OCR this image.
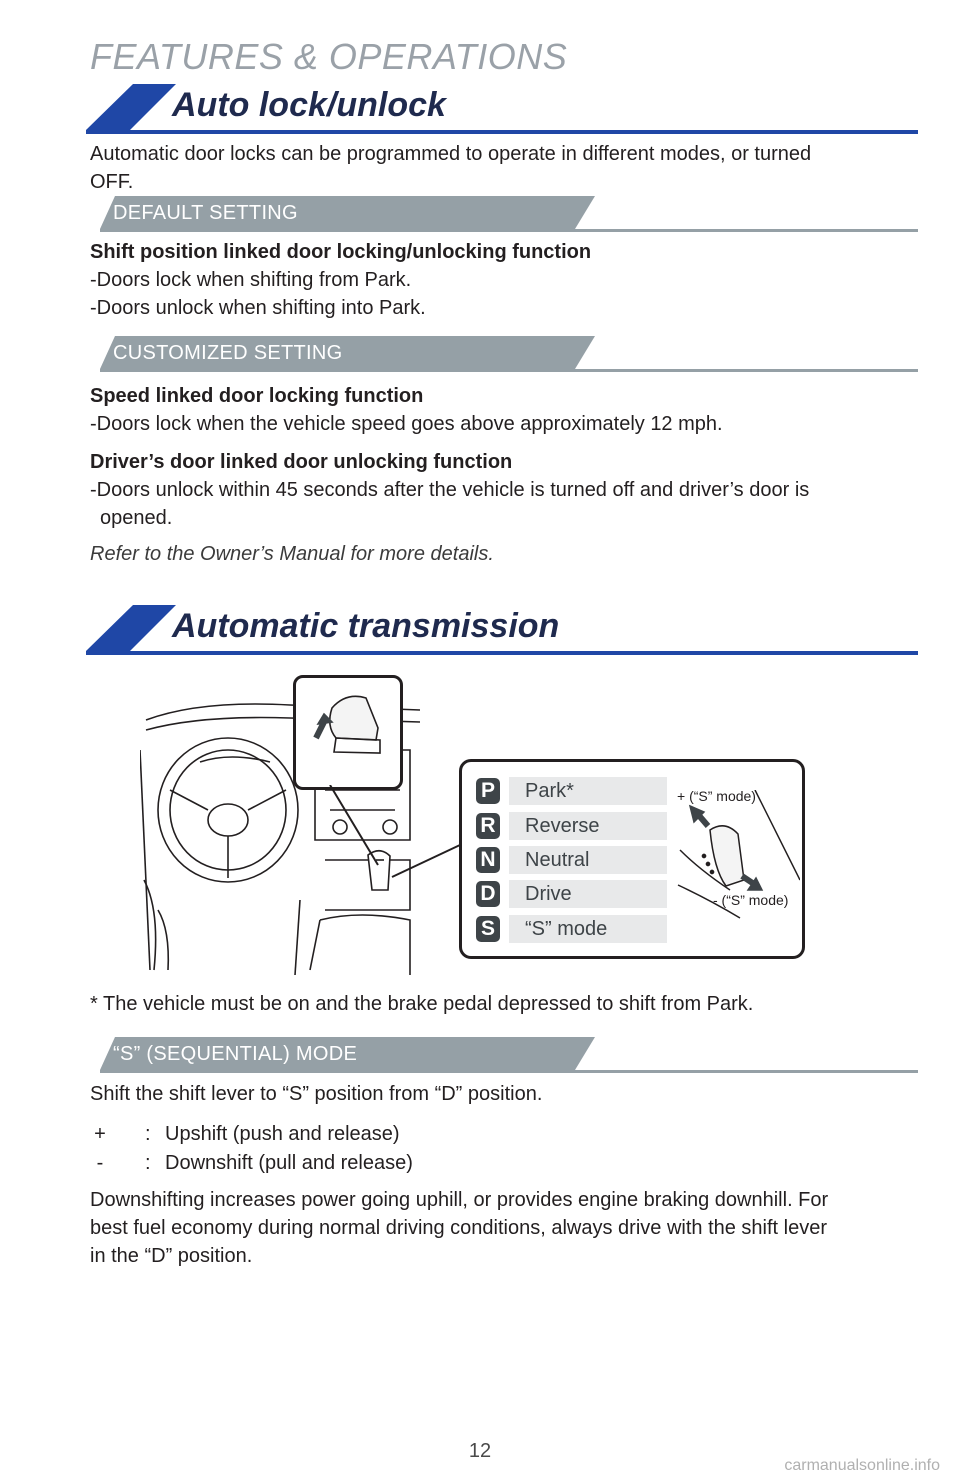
FEATURES & OPERATIONS
Auto lock/unlock
Automatic door locks can be programmed to operate in different modes, or turned
OFF.
DEFAULT SETTING
Shift position linked door locking/unlocking function
-Doors lock when shifting from Park.
-Doors unlock when shifting into Park.
CUSTOMIZED SETTING
Speed linked door locking function
-Doors lock when the vehicle speed goes above approximately 12 mph.
Driver’s door linked door unlocking function
-Doors unlock within 45 seconds after the vehicle is turned off and driver’s door is
opened.
Refer to the Owner’s Manual for more details.
Automatic transmission
P	Park*
R	Reverse
N	Neutral
D	Drive
S	“S” mode
+ (“S” mode)
- (“S” mode)
* The vehicle must be on and the brake pedal depressed to shift from Park.
“S” (SEQUENTIAL) MODE
Shift the shift lever to “S” position from “D” position.
+ : Upshift (push and release)
-	: Downshift (pull and release)
Downshifting increases power going uphill, or provides engine braking downhill. For
best fuel economy during normal driving conditions, always drive with the shift lever
in the “D” position.
12
carmanualsonline.info
